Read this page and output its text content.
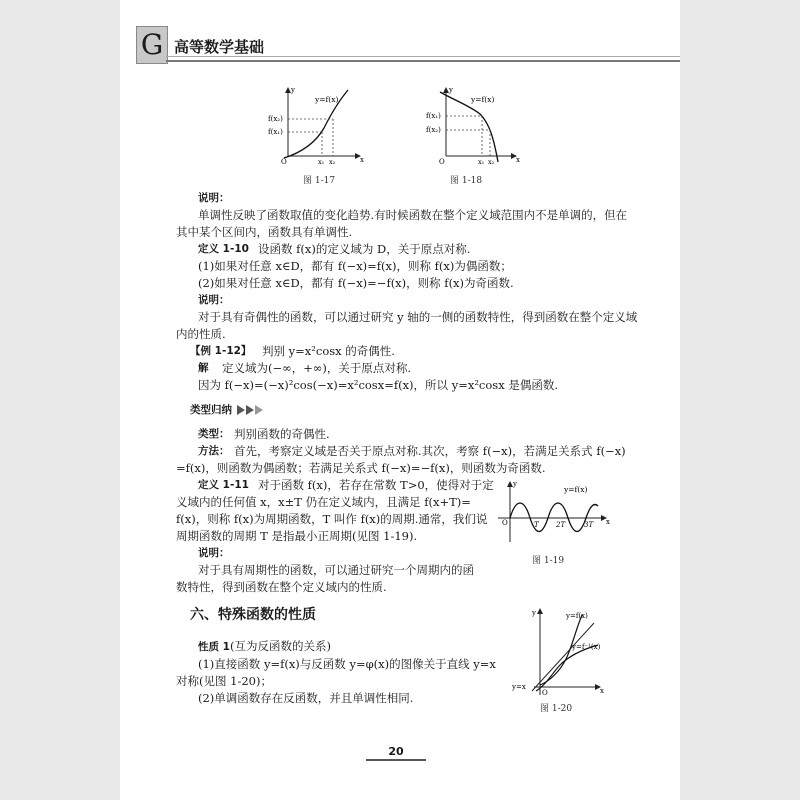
G 高等数学基础
y=f(x)
f(x₂)
f(x₁)
O	x₁ x₂	x
y
图 1-17
y=f(x)
f(x₁)
f(x₂)
O	x₁ x₂	x
y
图 1-18
说明：
单调性反映了函数取值的变化趋势.有时候函数在整个定义域范围内不是单调的，但在
其中某个区间内，函数具有单调性.
定义 1-10 设函数 f(x)的定义域为 D，关于原点对称.
(1)如果对任意 x∈D，都有 f(−x)=f(x)，则称 f(x)为偶函数；
(2)如果对任意 x∈D，都有 f(−x)=−f(x)，则称 f(x)为奇函数.
说明：
对于具有奇偶性的函数，可以通过研究 y 轴的一侧的函数特性，得到函数在整个定义域
内的性质.
【例 1-12】 判别 y=x²cosx 的奇偶性.
解 定义域为(−∞，+∞)，关于原点对称.
因为 f(−x)=(−x)²cos(−x)=x²cosx=f(x)，所以 y=x²cosx 是偶函数.
类型归纳
类型： 判别函数的奇偶性.
方法： 首先，考察定义域是否关于原点对称.其次，考察 f(−x)，若满足关系式 f(−x)
=f(x)，则函数为偶函数；若满足关系式 f(−x)=−f(x)，则函数为奇函数.
定义 1-11 对于函数 f(x)，若存在常数 T>0，使得对于定
义域内的任何值 x，x±T 仍在定义域内，且满足 f(x+T)=
f(x)，则称 f(x)为周期函数，T 叫作 f(x)的周期.通常，我们说
周期函数的周期 T 是指最小正周期(见图 1-19).
y=f(x)
O	T 2T	3T x
y
图 1-19
说明：
对于具有周期性的函数，可以通过研究一个周期内的函
数特性，得到函数在整个定义域内的性质.
六、特殊函数的性质
性质 1(互为反函数的关系)
(1)直接函数 y=f(x)与反函数 y=φ(x)的图像关于直线 y=x
对称(见图 1-20)；
(2)单调函数存在反函数，并且单调性相同.
y=f(x)
y=f⁻¹(x)
y=x
O	x
y
图 1-20
20
